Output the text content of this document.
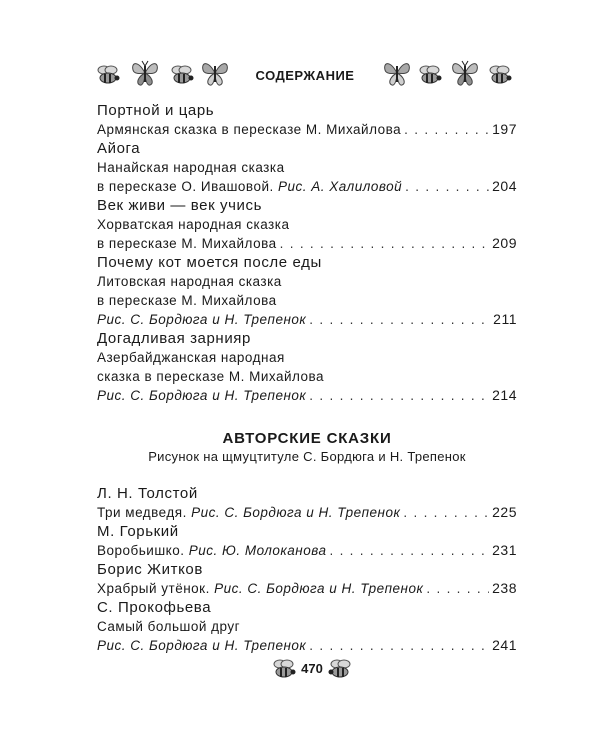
СОДЕРЖАНИЕ
Портной и царь
Армянская сказка в пересказе М. Михайлова . . .	197
Айога
Нанайская народная сказка
в пересказе О. Ивашовой. Рис. А. Халиловой . . .	204
Век живи — век учись
Хорватская народная сказка
в пересказе М. Михайлова . . .	209
Почему кот моется после еды
Литовская народная сказка
в пересказе М. Михайлова
Рис. С. Бордюга и Н. Трепенок . . .	211
Догадливая зарнияр
Азербайджанская народная
сказка в пересказе М. Михайлова
Рис. С. Бордюга и Н. Трепенок . . .	214
АВТОРСКИЕ СКАЗКИ
Рисунок на щмуцтитуле С. Бордюга и Н. Трепенок
Л. Н. Толстой
Три медведя. Рис. С. Бордюга и Н. Трепенок . . .	225
М. Горький
Воробьишко. Рис. Ю. Молоканова . . .	231
Борис Житков
Храбрый утёнок. Рис. С. Бордюга и Н. Трепенок . . .	238
С. Прокофьева
Самый большой друг
Рис. С. Бордюга и Н. Трепенок . . .	241
470
